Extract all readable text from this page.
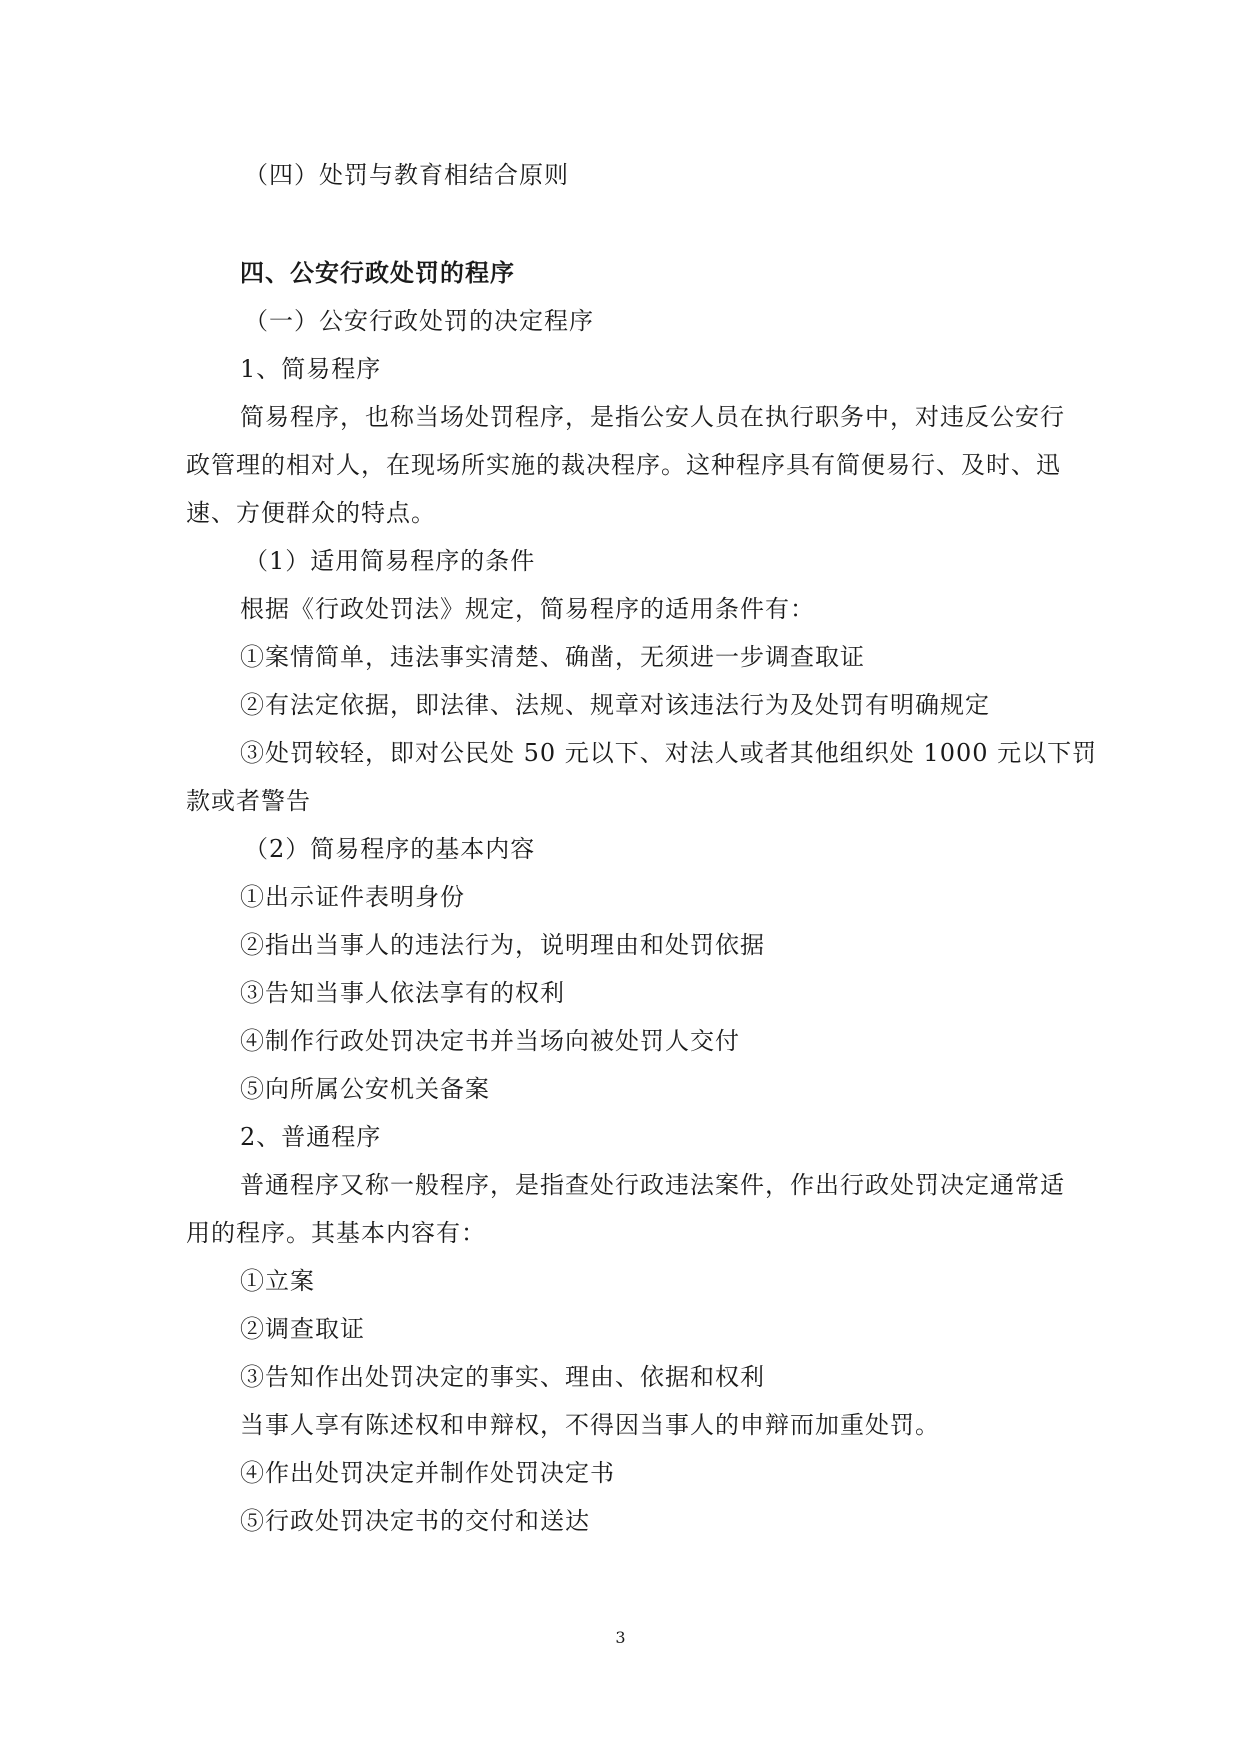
（四）处罚与教育相结合原则
四、公安行政处罚的程序
（一）公安行政处罚的决定程序
1、简易程序
简易程序，也称当场处罚程序，是指公安人员在执行职务中，对违反公安行
政管理的相对人，在现场所实施的裁决程序。这种程序具有简便易行、及时、迅
速、方便群众的特点。
（1）适用简易程序的条件
根据《行政处罚法》规定，简易程序的适用条件有：
①案情简单，违法事实清楚、确凿，无须进一步调查取证
②有法定依据，即法律、法规、规章对该违法行为及处罚有明确规定
③处罚较轻，即对公民处 50 元以下、对法人或者其他组织处 1000 元以下罚
款或者警告
（2）简易程序的基本内容
①出示证件表明身份
②指出当事人的违法行为，说明理由和处罚依据
③告知当事人依法享有的权利
④制作行政处罚决定书并当场向被处罚人交付
⑤向所属公安机关备案
2、普通程序
普通程序又称一般程序，是指查处行政违法案件，作出行政处罚决定通常适
用的程序。其基本内容有：
①立案
②调查取证
③告知作出处罚决定的事实、理由、依据和权利
当事人享有陈述权和申辩权，不得因当事人的申辩而加重处罚。
④作出处罚决定并制作处罚决定书
⑤行政处罚决定书的交付和送达
3
